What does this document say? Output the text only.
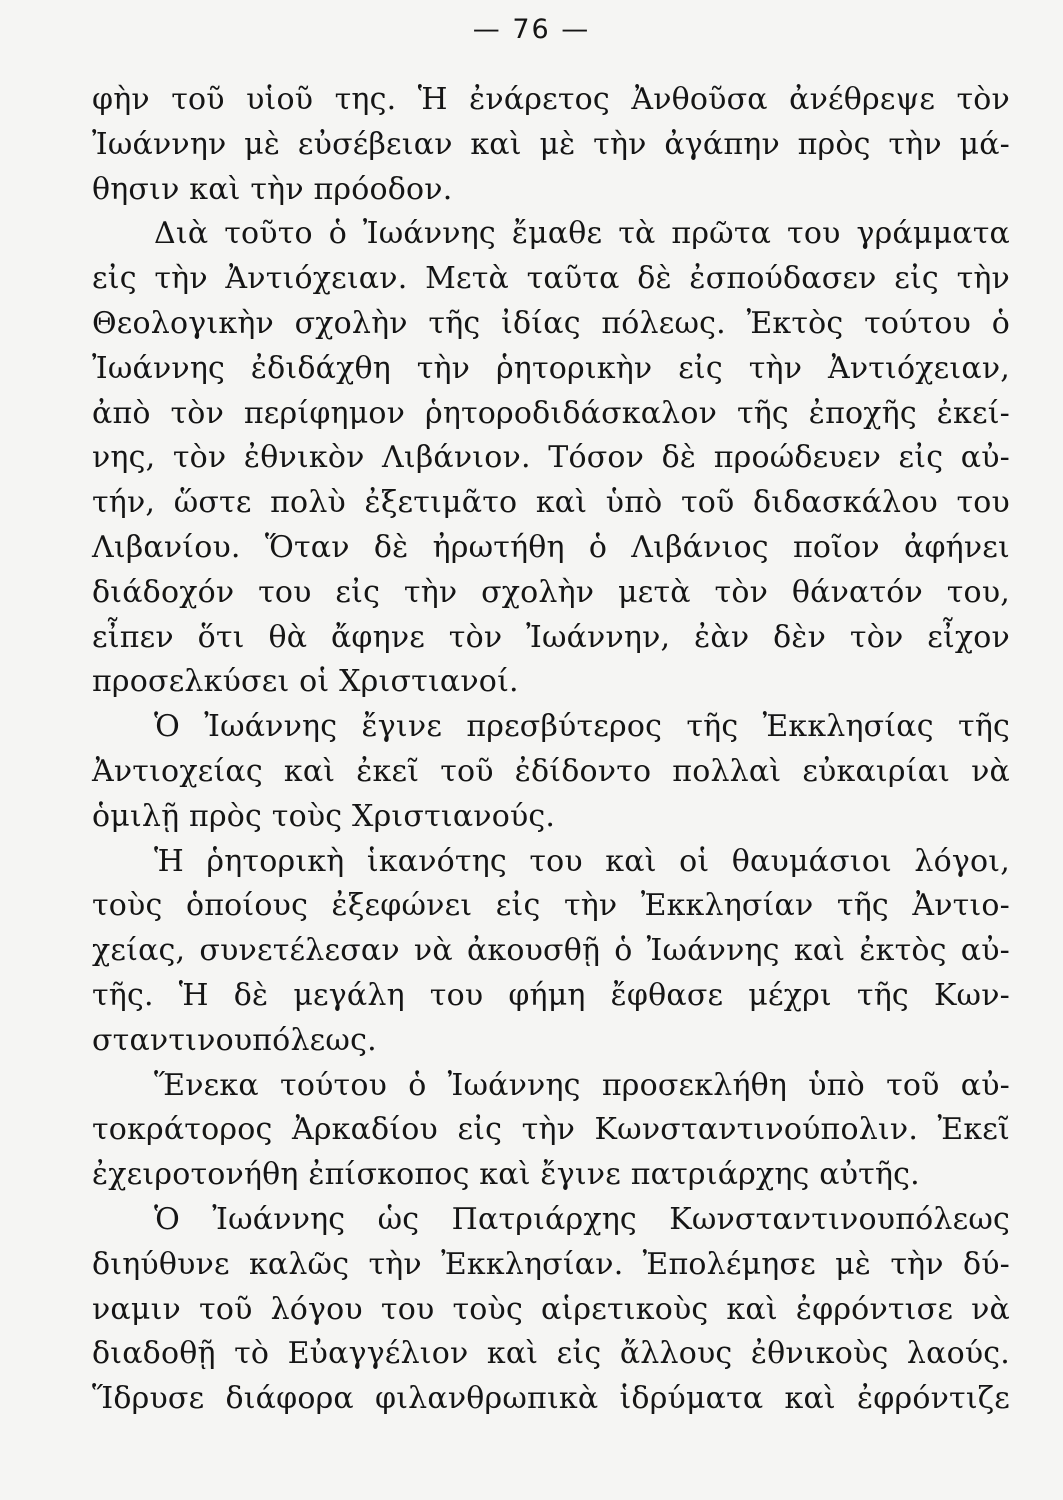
— 76 —
φὴν τοῦ υἱοῦ της. Ἡ ἐνάρετος Ἀνθοῦσα ἀνέθρεψε τὸν
Ἰωάννην μὲ εὐσέβειαν καὶ μὲ τὴν ἀγάπην πρὸς τὴν μά-
θησιν καὶ τὴν πρόοδον.
Διὰ τοῦτο ὁ Ἰωάννης ἔμαθε τὰ πρῶτα του γράμματα
εἰς τὴν Ἀντιόχειαν. Μετὰ ταῦτα δὲ ἐσπούδασεν εἰς τὴν
Θεολογικὴν σχολὴν τῆς ἰδίας πόλεως. Ἐκτὸς τούτου ὁ
Ἰωάννης ἐδιδάχθη τὴν ῥητορικὴν εἰς τὴν Ἀντιόχειαν,
ἀπὸ τὸν περίφημον ῥητοροδιδάσκαλον τῆς ἐποχῆς ἐκεί-
νης, τὸν ἐθνικὸν Λιβάνιον. Τόσον δὲ προώδευεν εἰς αὐ-
τήν, ὥστε πολὺ ἐξετιμᾶτο καὶ ὑπὸ τοῦ διδασκάλου του
Λιβανίου. Ὅταν δὲ ἠρωτήθη ὁ Λιβάνιος ποῖον ἀφήνει
διάδοχόν του εἰς τὴν σχολὴν μετὰ τὸν θάνατόν του,
εἶπεν ὅτι θὰ ἄφηνε τὸν Ἰωάννην, ἐὰν δὲν τὸν εἶχον
προσελκύσει οἱ Χριστιανοί.
Ὁ Ἰωάννης ἔγινε πρεσβύτερος τῆς Ἐκκλησίας τῆς
Ἀντιοχείας καὶ ἐκεῖ τοῦ ἐδίδοντο πολλαὶ εὐκαιρίαι νὰ
ὁμιλῇ πρὸς τοὺς Χριστιανούς.
Ἡ ῥητορικὴ ἱκανότης του καὶ οἱ θαυμάσιοι λόγοι,
τοὺς ὁποίους ἐξεφώνει εἰς τὴν Ἐκκλησίαν τῆς Ἀντιο-
χείας, συνετέλεσαν νὰ ἀκουσθῇ ὁ Ἰωάννης καὶ ἐκτὸς αὐ-
τῆς. Ἡ δὲ μεγάλη του φήμη ἔφθασε μέχρι τῆς Κων-
σταντινουπόλεως.
Ἕνεκα τούτου ὁ Ἰωάννης προσεκλήθη ὑπὸ τοῦ αὐ-
τοκράτορος Ἀρκαδίου εἰς τὴν Κωνσταντινούπολιν. Ἐκεῖ
ἐχειροτονήθη ἐπίσκοπος καὶ ἔγινε πατριάρχης αὐτῆς.
Ὁ Ἰωάννης ὡς Πατριάρχης Κωνσταντινουπόλεως
διηύθυνε καλῶς τὴν Ἐκκλησίαν. Ἐπολέμησε μὲ τὴν δύ-
ναμιν τοῦ λόγου του τοὺς αἱρετικοὺς καὶ ἐφρόντισε νὰ
διαδοθῇ τὸ Εὐαγγέλιον καὶ εἰς ἄλλους ἐθνικοὺς λαούς.
Ἵδρυσε διάφορα φιλανθρωπικὰ ἱδρύματα καὶ ἐφρόντιζε
